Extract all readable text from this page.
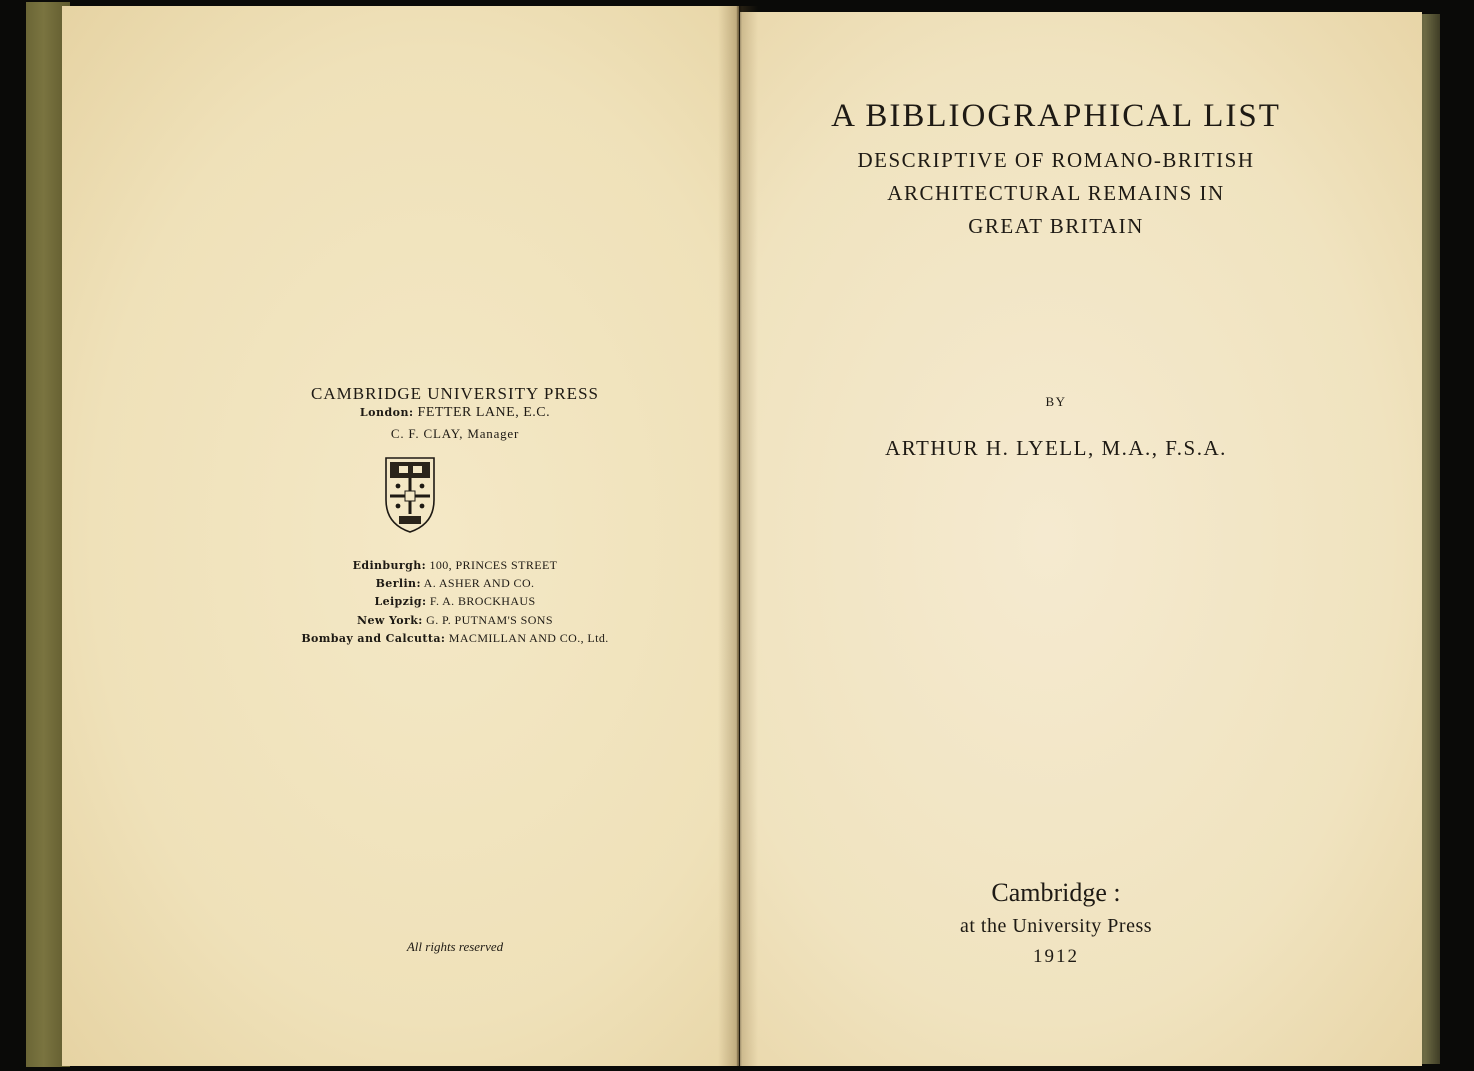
CAMBRIDGE UNIVERSITY PRESS
London: FETTER LANE, E.C.
C. F. CLAY, Manager
Edinburgh: 100, PRINCES STREET
Berlin: A. ASHER AND CO.
Leipzig: F. A. BROCKHAUS
New York: G. P. PUTNAM'S SONS
Bombay and Calcutta: MACMILLAN AND CO., Ltd.
All rights reserved
A BIBLIOGRAPHICAL LIST
DESCRIPTIVE OF ROMANO-BRITISH
ARCHITECTURAL REMAINS IN
GREAT BRITAIN
BY
ARTHUR H. LYELL, M.A., F.S.A.
Cambridge :
at the University Press
1912
